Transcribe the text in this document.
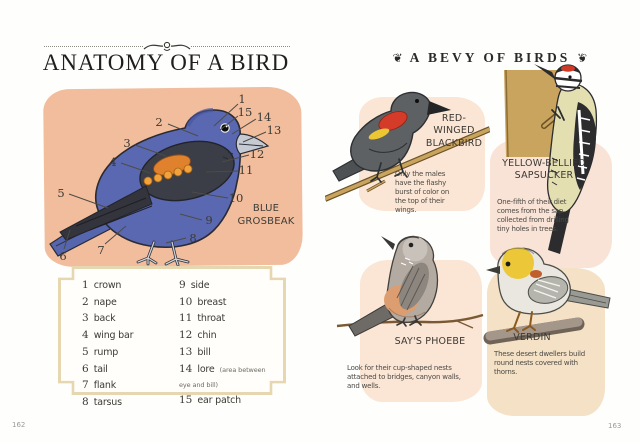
ANATOMY OF A BIRD
1
2
3
4
5
6	7
8
9
10
11
12
13
14
15
BLUE GROSBEAK
1 crown
2 nape
3 back
4 wing bar
5 rump
6 tail
7 flank
8 tarsus
9 side
10 breast
11 throat
12 chin
13 bill
14 lore (area between eye and bill)
15 ear patch
162
❦ A BEVY OF BIRDS ❦
RED-WINGED BLACKBIRD
Only the males have the flashy burst of color on the top of their wings.
YELLOW-BELLIED SAPSUCKER
One-fifth of their diet comes from the sap collected from drilling tiny holes in trees.
SAY'S PHOEBE
Look for their cup-shaped nests attached to bridges, canyon walls, and wells.
VERDIN
These desert dwellers build round nests covered with thorns.
163
